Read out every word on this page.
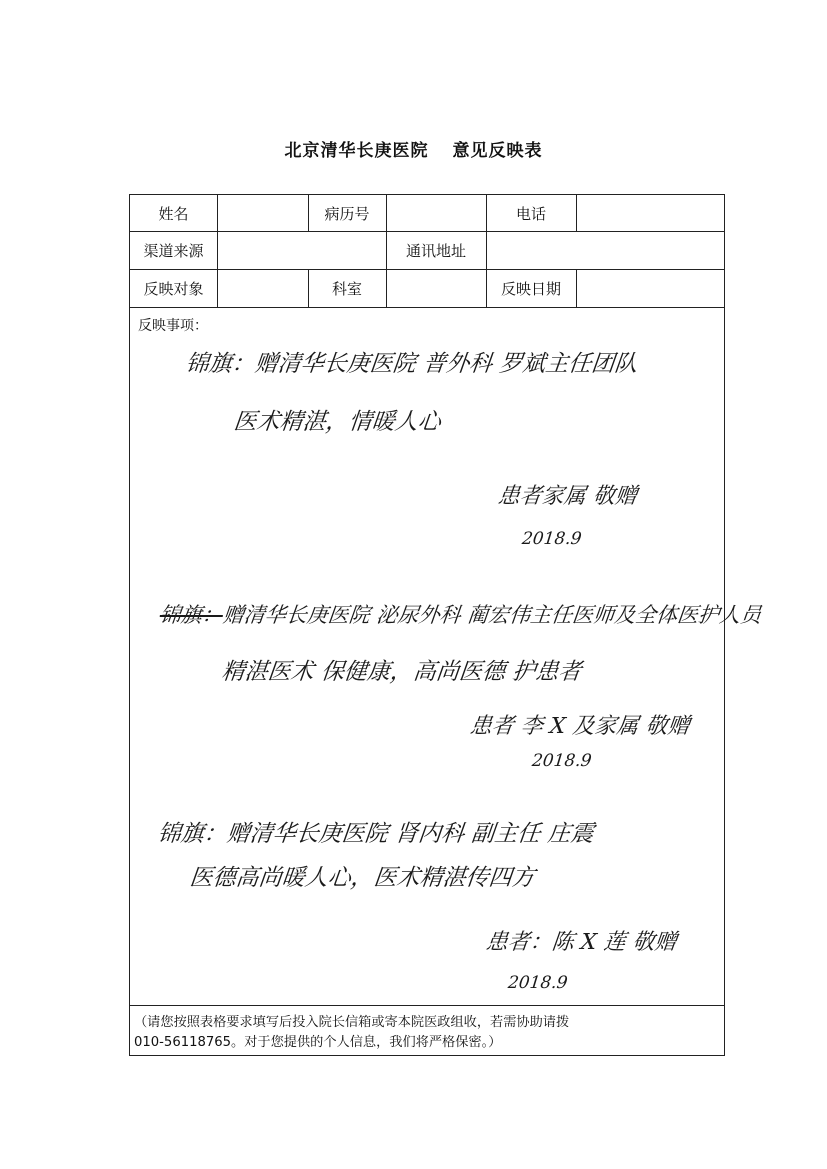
北京清华长庚医院 意见反映表
姓名	病历号	电话
渠道来源	通讯地址
反映对象	科室	反映日期
反映事项：
锦旗：赠清华长庚医院 普外科 罗斌主任团队
医术精湛，情暖人心
患者家属 敬赠
2018.9
锦旗：赠清华长庚医院 泌尿外科 蔺宏伟主任医师及全体医护人员
精湛医术 保健康，高尚医德 护患者
患者 李 X 及家属 敬赠
2018.9
锦旗：赠清华长庚医院 肾内科 副主任 庄震
医德高尚暖人心，医术精湛传四方
患者：陈 X 莲 敬赠
2018.9
（请您按照表格要求填写后投入院长信箱或寄本院医政组收，若需协助请拨
010-56118765。对于您提供的个人信息，我们将严格保密。）
